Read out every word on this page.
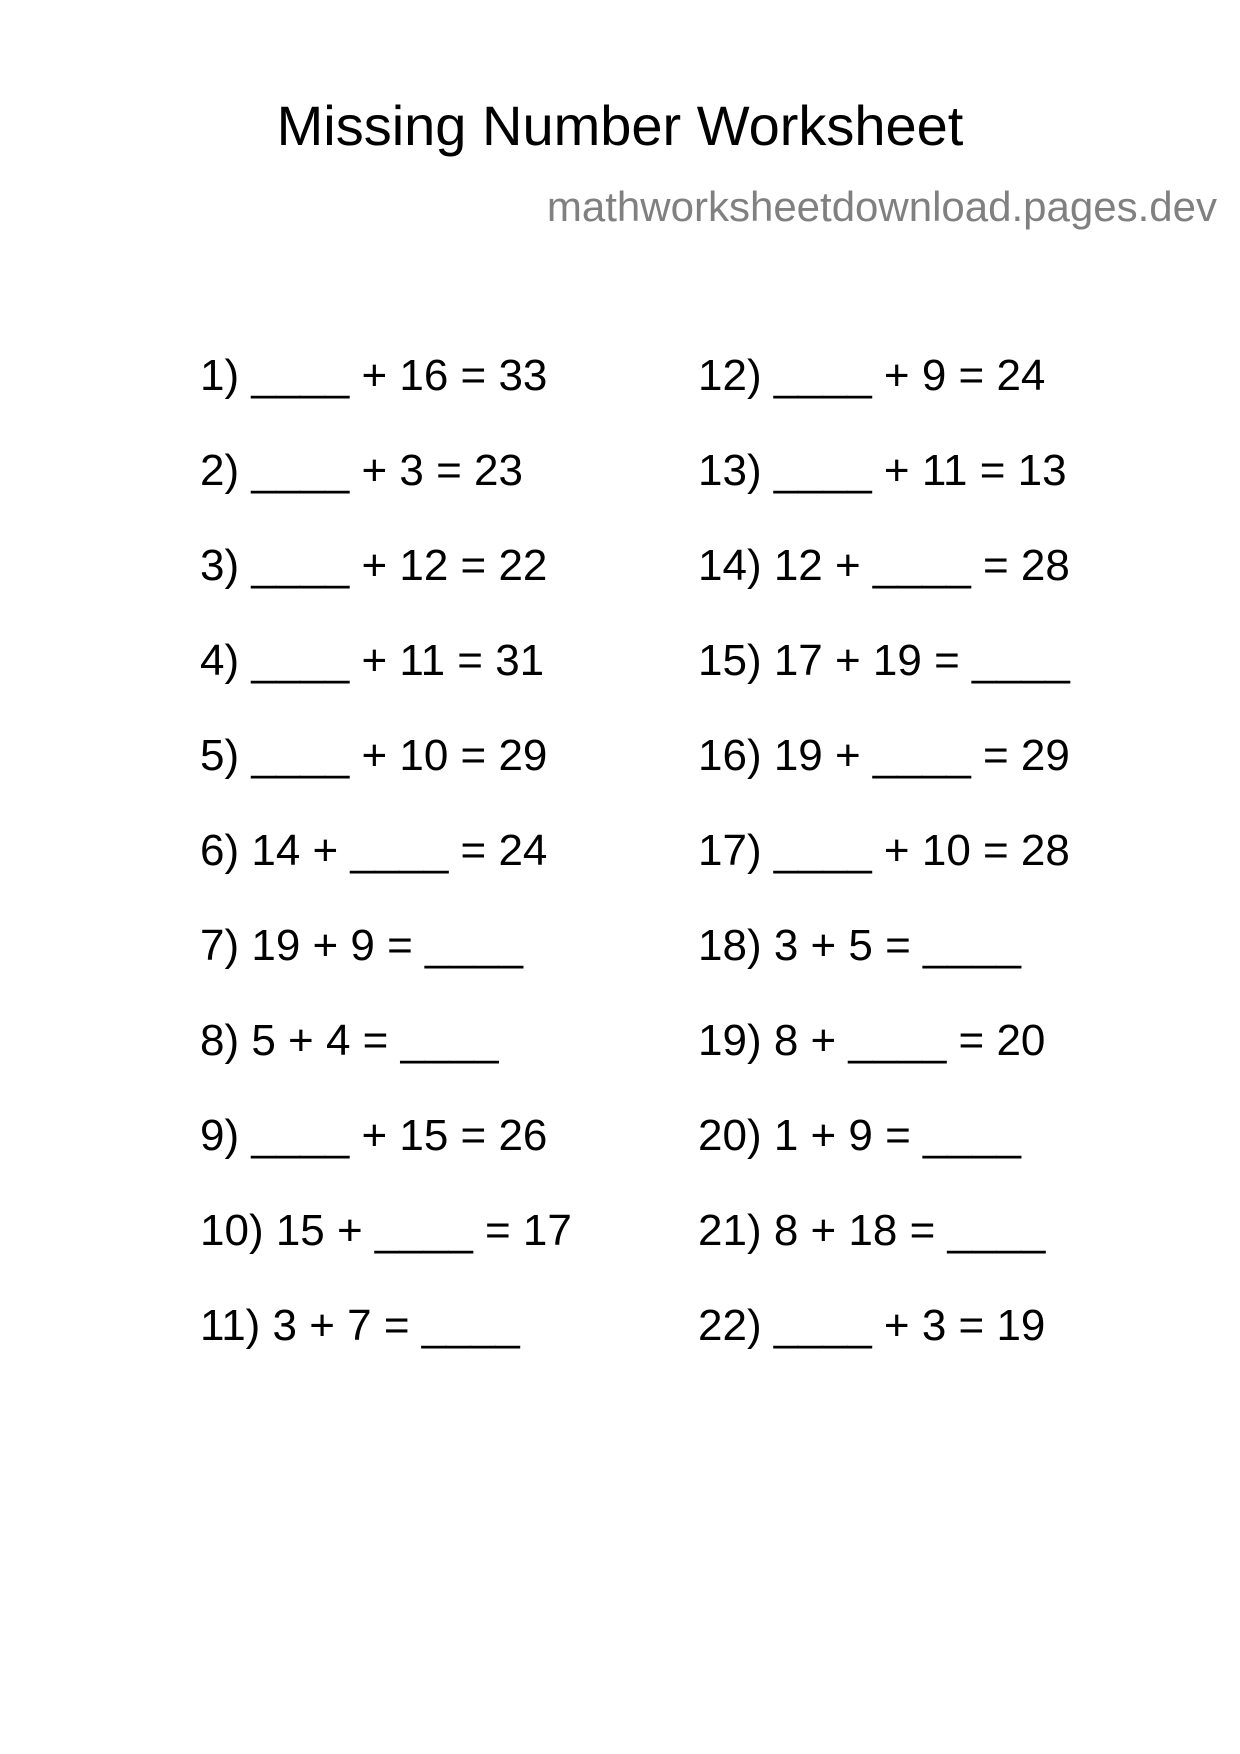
Missing Number Worksheet
mathworksheetdownload.pages.dev
1) ____ + 16 = 33
2) ____ + 3 = 23
3) ____ + 12 = 22
4) ____ + 11 = 31
5) ____ + 10 = 29
6) 14 + ____ = 24
7) 19 + 9 = ____
8) 5 + 4 = ____
9) ____ + 15 = 26
10) 15 + ____ = 17
11) 3 + 7 = ____
12) ____ + 9 = 24
13) ____ + 11 = 13
14) 12 + ____ = 28
15) 17 + 19 = ____
16) 19 + ____ = 29
17) ____ + 10 = 28
18) 3 + 5 = ____
19) 8 + ____ = 20
20) 1 + 9 = ____
21) 8 + 18 = ____
22) ____ + 3 = 19
